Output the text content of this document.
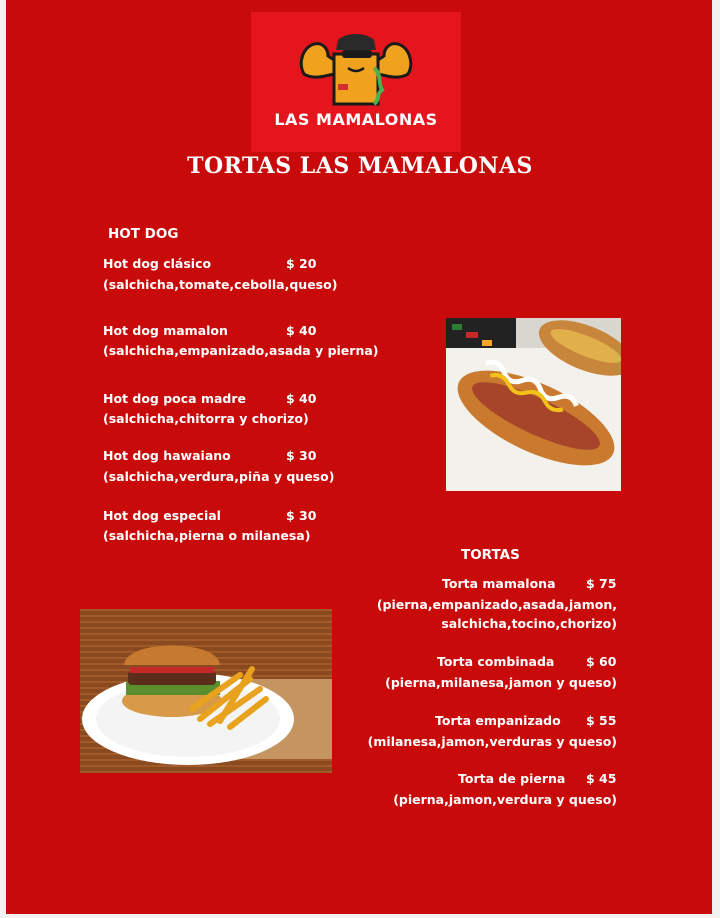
LAS MAMALONAS
TORTAS LAS MAMALONAS
HOT DOG
Hot dog clásico	$ 20
(salchicha,tomate,cebolla,queso)
Hot dog mamalon	$ 40
(salchicha,empanizado,asada y pierna)
Hot dog poca madre	$ 40
(salchicha,chitorra y chorizo)
Hot dog hawaiano	$ 30
(salchicha,verdura,piña y queso)
Hot dog especial	$ 30
(salchicha,pierna o milanesa)
TORTAS
Torta mamalona $ 75
(pierna,empanizado,asada,jamon,
salchicha,tocino,chorizo)
Torta combinada	$ 60
(pierna,milanesa,jamon y queso)
Torta empanizado $ 55
(milanesa,jamon,verduras y queso)
Torta de pierna $ 45
(pierna,jamon,verdura y queso)
